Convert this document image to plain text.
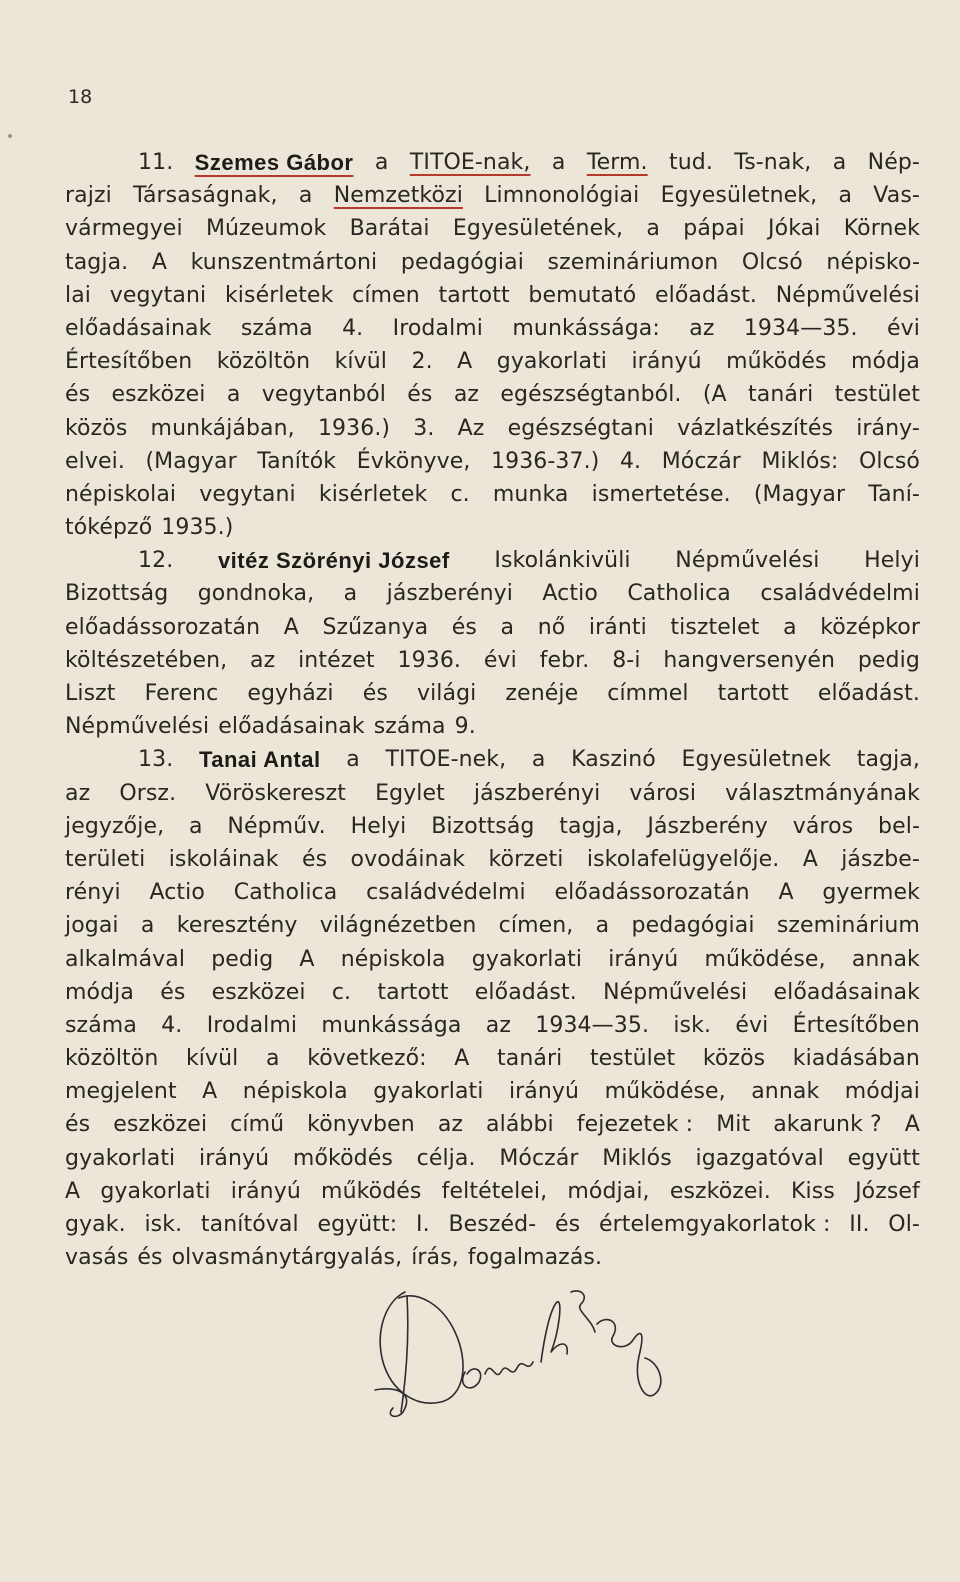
18
11. Szemes Gábor a TITOE-nak, a Term. tud. Ts-nak, a Nép-
rajzi Társaságnak, a Nemzetközi Limnonológiai Egyesületnek, a Vas-
vármegyei Múzeumok Barátai Egyesületének, a pápai Jókai Körnek
tagja. A kunszentmártoni pedagógiai szemináriumon Olcsó népisko-
lai vegytani kisérletek címen tartott bemutató előadást. Népművelési
előadásainak száma 4. Irodalmi munkássága: az 1934—35. évi
Értesítőben közöltön kívül 2. A gyakorlati irányú működés módja
és eszközei a vegytanból és az egészségtanból. (A tanári testület
közös munkájában, 1936.) 3. Az egészségtani vázlatkészítés irány-
elvei. (Magyar Tanítók Évkönyve, 1936-37.) 4. Móczár Miklós: Olcsó
népiskolai vegytani kisérletek c. munka ismertetése. (Magyar Taní-
tóképző 1935.)
12. vitéz Szörényi József Iskolánkivüli Népművelési Helyi
Bizottság gondnoka, a jászberényi Actio Catholica családvédelmi
előadássorozatán A Szűzanya és a nő iránti tisztelet a középkor
költészetében, az intézet 1936. évi febr. 8-i hangversenyén pedig
Liszt Ferenc egyházi és világi zenéje címmel tartott előadást.
Népművelési előadásainak száma 9.
13. Tanai Antal a TITOE-nek, a Kaszinó Egyesületnek tagja,
az Orsz. Vöröskereszt Egylet jászberényi városi választmányának
jegyzője, a Népműv. Helyi Bizottság tagja, Jászberény város bel-
területi iskoláinak és ovodáinak körzeti iskolafelügyelője. A jászbe-
rényi Actio Catholica családvédelmi előadássorozatán A gyermek
jogai a keresztény világnézetben címen, a pedagógiai szeminárium
alkalmával pedig A népiskola gyakorlati irányú működése, annak
módja és eszközei c. tartott előadást. Népművelési előadásainak
száma 4. Irodalmi munkássága az 1934—35. isk. évi Értesítőben
közöltön kívül a következő: A tanári testület közös kiadásában
megjelent A népiskola gyakorlati irányú működése, annak módjai
és eszközei című könyvben az alábbi fejezetek : Mit akarunk ? A
gyakorlati irányú mőködés célja. Móczár Miklós igazgatóval együtt
A gyakorlati irányú működés feltételei, módjai, eszközei. Kiss József
gyak. isk. tanítóval együtt: I. Beszéd- és értelemgyakorlatok : II. Ol-
vasás és olvasmánytárgyalás, írás, fogalmazás.
